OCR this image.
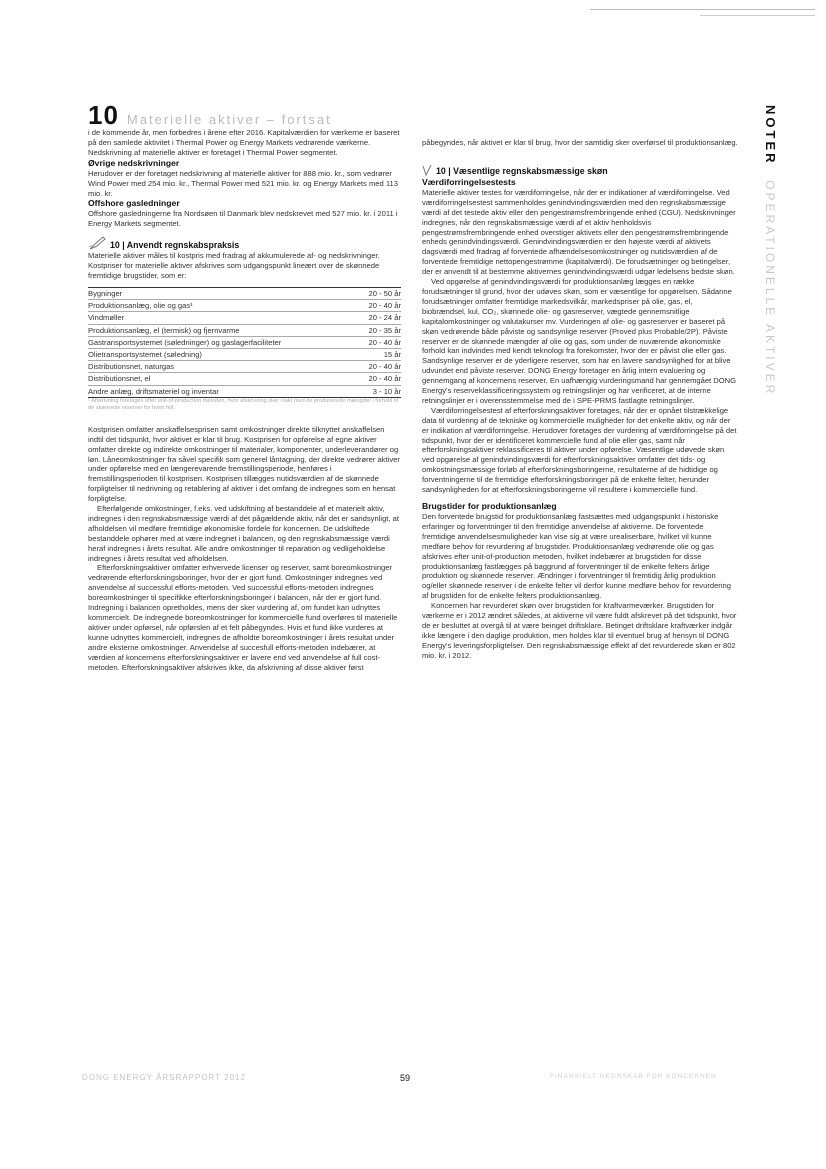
10 Materielle aktiver – fortsat	NOTER OPERATIONELLE AKTIVER

i de kommende år, men forbedres i årene efter 2016. Kapitalværdien for værkerne er baseret på den samlede aktivitet i Thermal Power og Energy Markets vedrørende værkerne. Nedskrivning af materielle aktiver er foretaget i Thermal Power segmentet.

Øvrige nedskrivninger

Herudover er der foretaget nedskrivning af materielle aktiver for 888 mio. kr., som vedrører Wind Power med 254 mio. kr., Thermal Power med 521 mio. kr. og Energy Markets med 113 mio. kr.

Offshore gasledninger

Offshore gasledningerne fra Nordsøen til Danmark blev nedskrevet med 527 mio. kr. i 2011 i Energy Markets segmentet.

10 | Anvendt regnskabspraksis

Materielle aktiver måles til kostpris med fradrag af akkumulerede af- og nedskrivninger. Kostpriser for materielle aktiver afskrives som udgangspunkt lineært over de skønnede fremtidige brugstider, som er:

Bygninger	20 - 50 år
Produktionsanlæg, olie og gas¹	20 - 40 år
Vindmøller	20 - 24 år
Produktionsanlæg, el (termisk) og fjernvarme	20 - 35 år
Gastransportsystemet (søledninger) og gaslagerfaciliteter	20 - 40 år
Olietransportsystemet (søledning)	15 år
Distributionsnet, naturgas	20 - 40 år
Distributionsnet, el	20 - 40 år
Andre anlæg, driftsmateriel og inventar	3 - 10 år

¹ Afskrivning foretages efter unit-of-production metoden, hvor afskrivning sker i takt med de producerede mængder i forhold til de skønnede reserver for hvert felt.

Kostprisen omfatter anskaffelsesprisen samt omkostninger direkte tilknyttet anskaffelsen indtil det tidspunkt, hvor aktivet er klar til brug. Kostprisen for opførelse af egne aktiver omfatter direkte og indirekte omkostninger til materialer, komponenter, underleverandører og løn. Låneomkostninger fra såvel specifik som generel låntagning, der direkte vedrører aktiver under opførelse med en længerevarende fremstillingsperiode, henføres i fremstillingsperioden til kostprisen. Kostprisen tillægges nutidsværdien af de skønnede forpligtelser til nedrivning og retablering af aktiver i det omfang de indregnes som en hensat forpligtelse.

Efterfølgende omkostninger, f.eks. ved udskiftning af bestanddele af et materielt aktiv, indregnes i den regnskabsmæssige værdi af det pågældende aktiv, når det er sandsynligt, at afholdelsen vil medføre fremtidige økonomiske fordele for koncernen. De udskiftede bestanddele ophører med at være indregnet i balancen, og den regnskabsmæssige værdi heraf indregnes i årets resultat. Alle andre omkostninger til reparation og vedligeholdelse indregnes i årets resultat ved afholdelsen.

Efterforskningsaktiver omfatter erhvervede licenser og reserver, samt boreomkostninger vedrørende efterforskningsboringer, hvor der er gjort fund. Omkostninger indregnes ved anvendelse af successful efforts-metoden. Ved successful efforts-metoden indregnes boreomkostninger til specifikke efterforskningsboringer i balancen, når der er gjort fund. Indregning i balancen opretholdes, mens der sker vurdering af, om fundet kan udnyttes kommercielt. De indregnede boreomkostninger for kommercielle fund overføres til materielle aktiver under opførsel, når opførslen af et felt påbegyndes. Hvis et fund ikke vurderes at kunne udnyttes kommercielt, indregnes de afholdte boreomkostninger i årets resultat under andre eksterne omkostninger. Anvendelse af succesfull efforts-metoden indebærer, at værdien af koncernens efterforskningsaktiver er lavere end ved anvendelse af full cost-metoden. Efterforskningsaktiver afskrives ikke, da afskrivning af disse aktiver først

påbegyndes, når aktivet er klar til brug, hvor der samtidig sker overførsel til produktionsanlæg.

10 | Væsentlige regnskabsmæssige skøn
Værdiforringelsestests

Materielle aktiver testes for værdiforringelse, når der er indikationer af værdiforringelse. Ved værdiforringelsestest sammenholdes genindvindingsværdien med den regnskabsmæssige værdi af det testede aktiv eller den pengestrømsfrembringende enhed (CGU). Nedskrivninger indregnes, når den regnskabsmæssige værdi af et aktiv henholdsvis pengestrømsfrembringende enhed overstiger aktivets eller den pengestrømsfrembringende enheds genindvindingsværdi. Genindvindingsværdien er den højeste værdi af aktivets dagsværdi med fradrag af forventede afhændelsesomkostninger og nutidsværdien af de forventede fremtidige nettopengestrømme (kapitalværdi). De forudsætninger og betingelser, der er anvendt til at bestemme aktivernes genindvindingsværdi udgør ledelsens bedste skøn.

Ved opgørelse af genindvindingsværdi for produktionsanlæg lægges en række forudsætninger til grund, hvor der udøves skøn, som er væsentlige for opgørelsen. Sådanne forudsætninger omfatter fremtidige markedsvilkår, markedspriser på olie, gas, el, biobrændsel, kul, CO₂, skønnede olie- og gasreserver, vægtede gennemsnitlige kapitalomkostninger og valutakurser mv. Vurderingen af olie- og gasreserver er baseret på skøn vedrørende både påviste og sandsynlige reserver (Proved plus Probable/2P). Påviste reserver er de skønnede mængder af olie og gas, som under de nuværende økonomiske forhold kan indvindes med kendt teknologi fra forekomster, hvor der er påvist olie eller gas. Sandsynlige reserver er de yderligere reserver, som har en lavere sandsynlighed for at blive udvundet end påviste reserver. DONG Energy foretager en årlig intern evaluering og gennemgang af koncernens reserver. En uafhængig vurderingsmand har gennemgået DONG Energy's reserveklassificeringssystem og retningslinjer og har verificeret, at de interne retningslinjer er i overensstemmelse med de i SPE-PRMS fastlagte retningslinjer.

Værdiforringelsestest af efterforskningsaktiver foretages, når der er opnået tilstrækkelige data til vurdering af de tekniske og kommercielle muligheder for det enkelte aktiv, og når der er indikation af værdiforringelse. Herudover foretages der vurdering af værdiforringelse på det tidspunkt, hvor der er identificeret kommercielle fund af olie eller gas, samt når efterforskningsaktiver reklassificeres til aktiver under opførelse. Væsentlige udøvede skøn ved opgørelse af genindvindingsværdi for efterforskningsaktiver omfatter det tids- og omkostningsmæssige forløb af efterforskningsboringerne, resultaterne af de hidtidige og forventningerne til de fremtidige efterforskningsboringer på de enkelte felter, herunder sandsynligheden for at efterforskningsboringerne vil resultere i kommercielle fund.

Brugstider for produktionsanlæg

Den forventede brugstid for produktionsanlæg fastsættes med udgangspunkt i historiske erfaringer og forventninger til den fremtidige anvendelse af aktiverne. De forventede fremtidige anvendelsesmuligheder kan vise sig at være urealiserbare, hvilket vil kunne medføre behov for revurdering af brugstider. Produktionsanlæg vedrørende olie og gas afskrives efter unit-of-production metoden, hvilket indebærer at brugstiden for disse produktionsanlæg fastlægges på baggrund af forventninger til de enkelte felters årlige produktion og skønnede reserver. Ændringer i forventninger til fremtidig årlig produktion og/eller skønnede reserver i de enkelte felter vil derfor kunne medføre behov for revurdering af brugstiden for de enkelte felters produktionsanlæg.

Koncernen har revurderet skøn over brugstiden for kraftvarmeværker. Brugstiden for værkerne er i 2012 ændret således, at aktiverne vil være fuldt afskrevet på det tidspunkt, hvor de er besluttet at overgå til at være beinget driftsklare. Betinget driftsklare kraftværker indgår ikke længere i den daglige produktion, men holdes klar til eventuel brug af hensyn til DONG Energy's leveringsforpligtelser. Den regnskabsmæssige effekt af det revurderede skøn er 802 mio. kr. i 2012.

DONG ENERGY ÅRSRAPPORT 2012	59	FINANSIELT REGNSKAB FOR KONCERNEN
